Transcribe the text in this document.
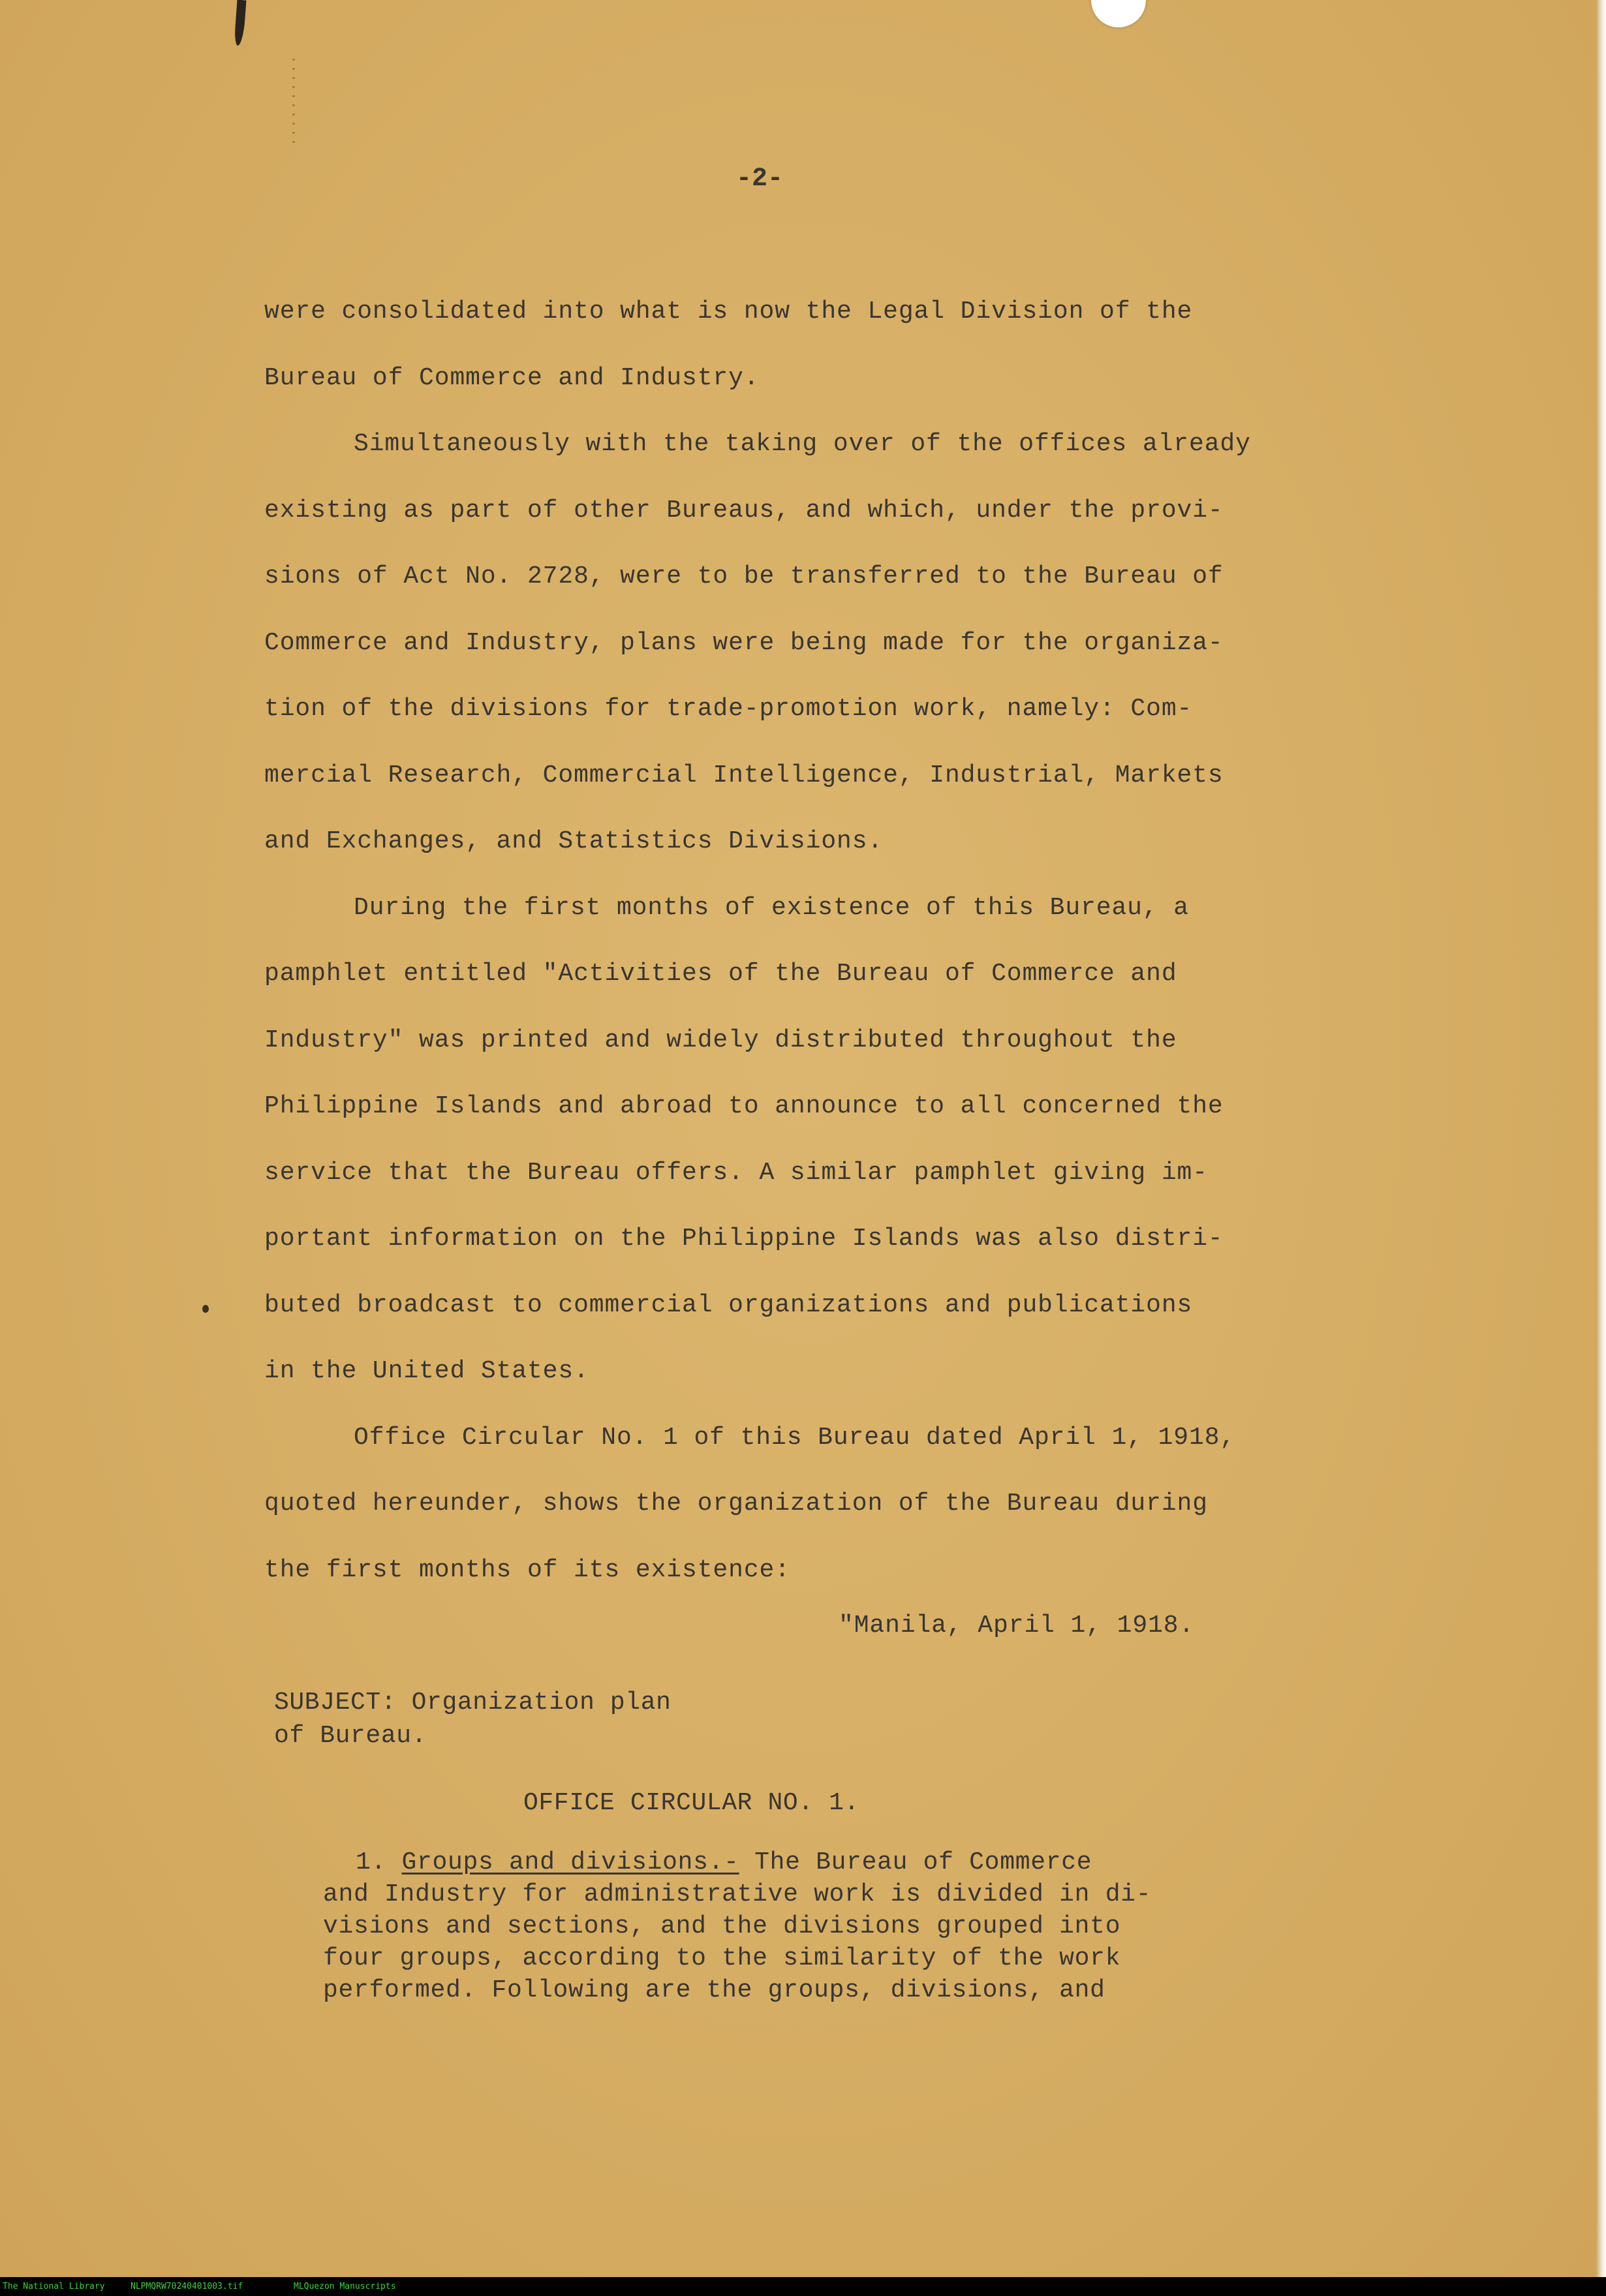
-2-
were consolidated into what is now the Legal Division of the
Bureau of Commerce and Industry.
Simultaneously with the taking over of the offices already
existing as part of other Bureaus, and which, under the provi-
sions of Act No. 2728, were to be transferred to the Bureau of
Commerce and Industry, plans were being made for the organiza-
tion of the divisions for trade-promotion work, namely: Com-
mercial Research, Commercial Intelligence, Industrial, Markets
and Exchanges, and Statistics Divisions.
During the first months of existence of this Bureau, a
pamphlet entitled "Activities of the Bureau of Commerce and
Industry" was printed and widely distributed throughout the
Philippine Islands and abroad to announce to all concerned the
service that the Bureau offers. A similar pamphlet giving im-
portant information on the Philippine Islands was also distri-
buted broadcast to commercial organizations and publications
in the United States.
Office Circular No. 1 of this Bureau dated April 1, 1918,
quoted hereunder, shows the organization of the Bureau during
the first months of its existence:
"Manila, April 1, 1918.
SUBJECT: Organization plan
of Bureau.
OFFICE CIRCULAR NO. 1.
1. Groups and divisions.- The Bureau of Commerce
and Industry for administrative work is divided in di-
visions and sections, and the divisions grouped into
four groups, according to the similarity of the work
performed. Following are the groups, divisions, and
The National Library	NLPMQRW70240401003.tif	MLQuezon Manuscripts
